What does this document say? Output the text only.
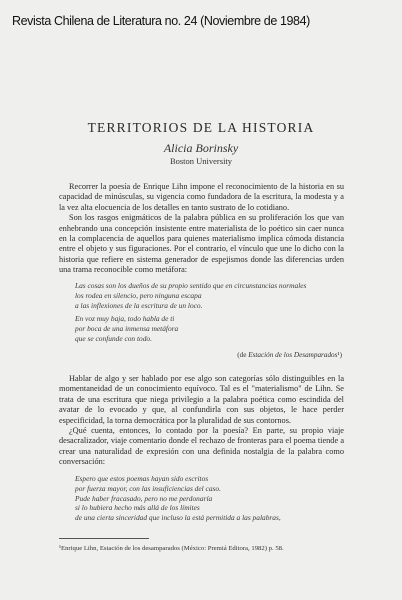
Revista Chilena de Literatura no. 24 (Noviembre de 1984)
TERRITORIOS DE LA HISTORIA
Alicia Borinsky
Boston University

Recorrer la poesía de Enrique Lihn impone el reconocimiento de la historia en su capacidad de minúsculas, su vigencia como fundadora de la escritura, la modesta y a la vez alta elocuencia de los detalles en tanto sustrato de lo cotidiano.

Son los rasgos enigmáticos de la palabra pública en su proliferación los que van enhebrando una concepción insistente entre materialista de lo poético sin caer nunca en la complacencia de aquellos para quienes materialismo implica cómoda distancia entre el objeto y sus figuraciones. Por el contrario, el vínculo que une lo dicho con la historia que refiere en sistema generador de espejismos donde las diferencias urden una trama reconocible como metáfora:

Las cosas son los dueños de su propio sentido que en circunstancias normales
los rodea en silencio, pero ninguna escapa
a las inflexiones de la escritura de un loco.
En voz muy baja, todo habla de ti
por boca de una inmensa metáfora
que se confunde con todo.
(de Estación de los Desamparados¹)

Hablar de algo y ser hablado por ese algo son categorías sólo distinguibles en la momentaneidad de un conocimiento equívoco. Tal es el "materialismo" de Lihn. Se trata de una escritura que niega privilegio a la palabra poética como escindida del avatar de lo evocado y que, al confundirla con sus objetos, le hace perder especificidad, la torna democrática por la pluralidad de sus contornos.

¿Qué cuenta, entonces, lo contado por la poesía? En parte, su propio viaje desacralizador, viaje comentario donde el rechazo de fronteras para el poema tiende a crear una naturalidad de expresión con una definida nostalgia de la palabra como conversación:

Espero que estos poemas hayan sido escritos
por fuerza mayor, con las insuficiencias del caso.
Pude haber fracasado, pero no me perdonaría
si lo hubiera hecho más allá de los límites
de una cierta sinceridad que incluso la está permitida a las palabras,
¹Enrique Lihn, Estación de los desamparados (México: Premiá Editora, 1982) p. 58.
